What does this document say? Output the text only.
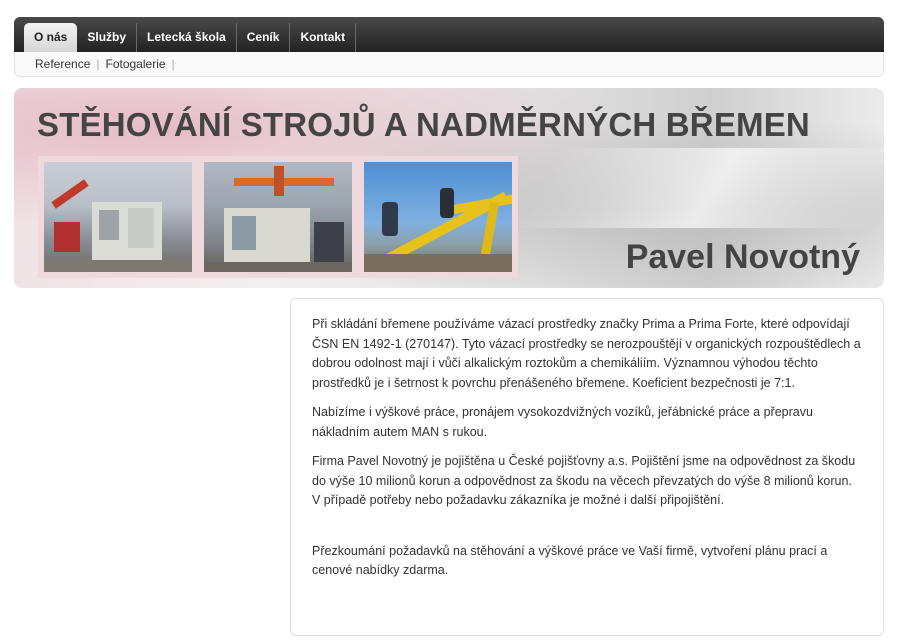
O nás	Služby	Letecká škola	Ceník	Kontakt
Reference | Fotogalerie |
STĚHOVÁNÍ STROJŮ A NADMĚRNÝCH BŘEMEN
Pavel Novotný

Při skládání břemene používáme vázací prostředky značky Prima a Prima Forte, které odpovídají ČSN EN 1492-1 (270147). Tyto vázací prostředky se nerozpouštějí v organických rozpouštědlech a dobrou odolnost mají i vůči alkalickým roztokům a chemikáliím. Významnou výhodou těchto prostředků je i šetrnost k povrchu přenášeného břemene. Koeficient bezpečnosti je 7:1.

Nabízíme i výškové práce, pronájem vysokozdvižných vozíků, jeřábnické práce a přepravu nákladním autem MAN s rukou.

Firma Pavel Novotný je pojištěna u České pojišťovny a.s. Pojištění jsme na odpovědnost za škodu do výše 10 milionů korun a odpovědnost za škodu na věcech převzatých do výše 8 milionů korun. V případě potřeby nebo požadavku zákazníka je možné i další připojištění.

Přezkoumání požadavků na stěhování a výškové práce ve Vaší firmě, vytvoření plánu prací a cenové nabídky zdarma.
